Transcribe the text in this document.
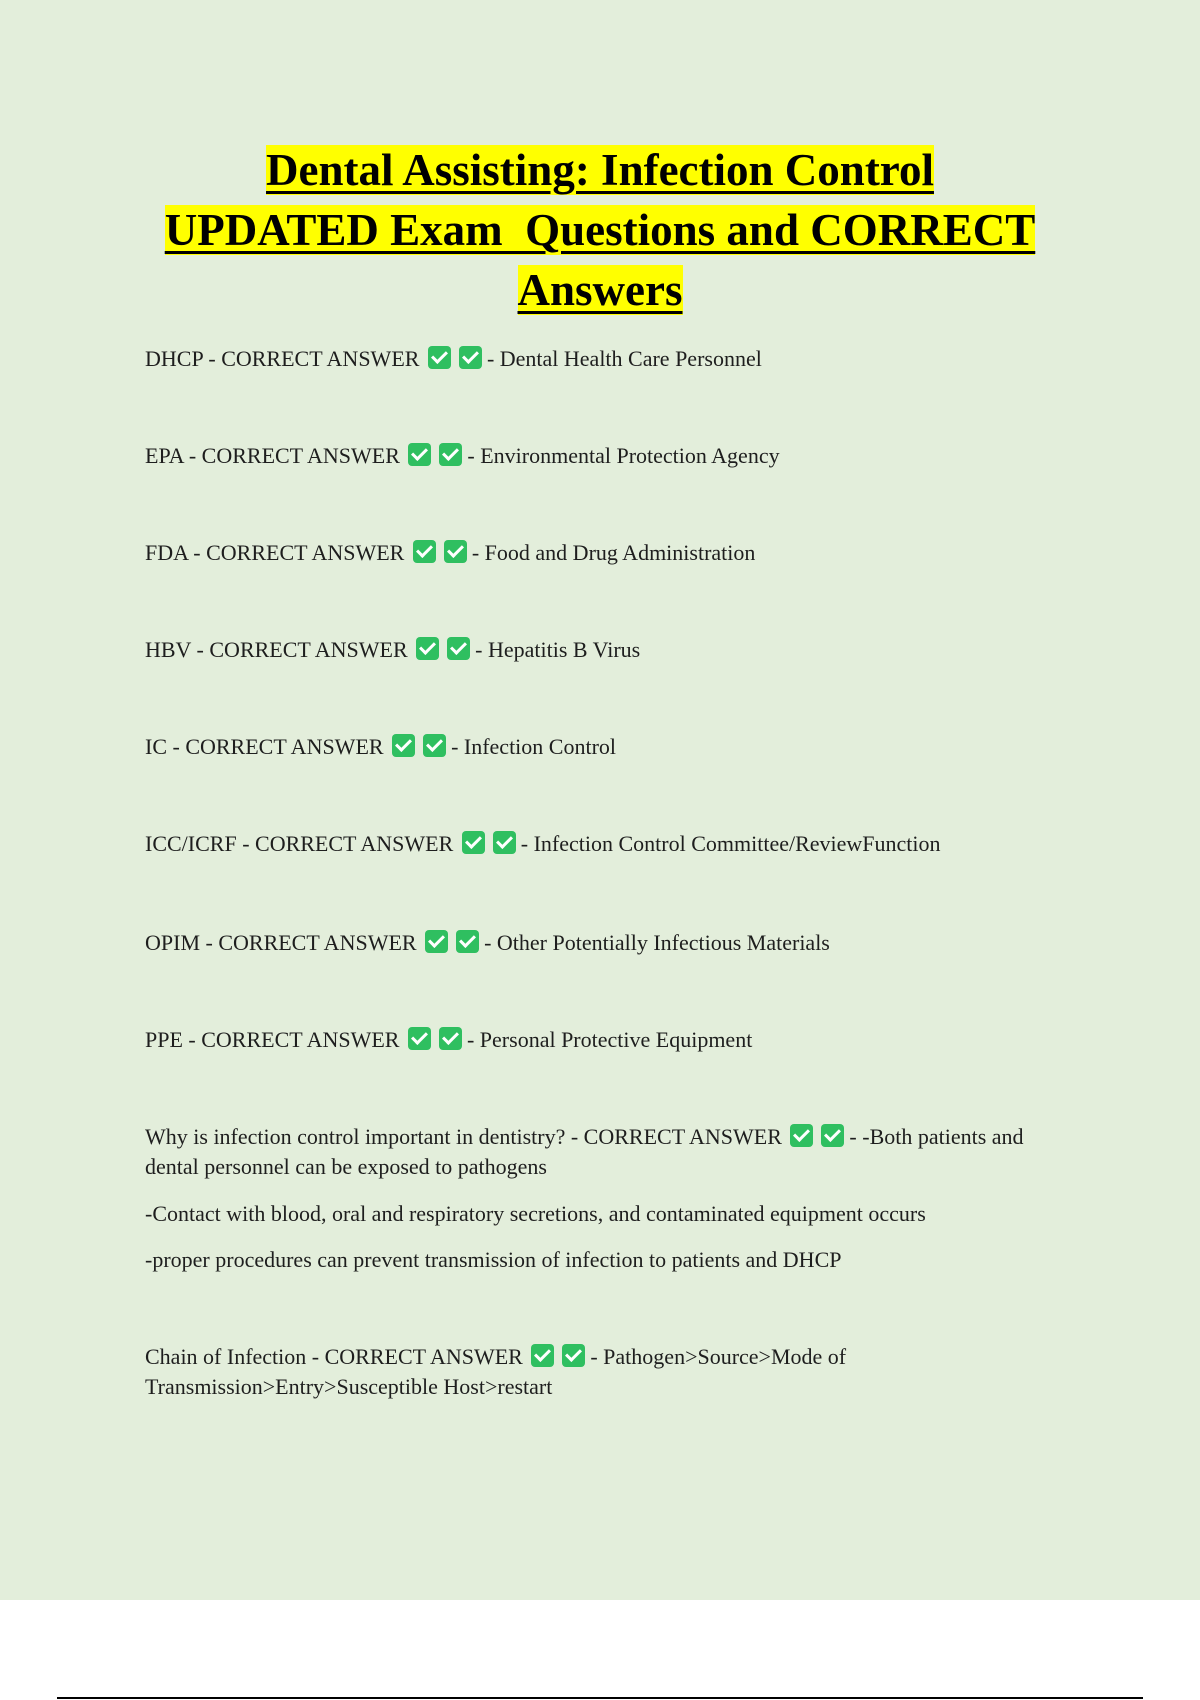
Dental Assisting: Infection Control
UPDATED Exam  Questions and CORRECT
Answers

DHCP - CORRECT ANSWER	- Dental Health Care Personnel

EPA - CORRECT ANSWER	- Environmental Protection Agency

FDA - CORRECT ANSWER	- Food and Drug Administration

HBV - CORRECT ANSWER	- Hepatitis B Virus

IC - CORRECT ANSWER	- Infection Control

ICC/ICRF - CORRECT ANSWER	- Infection Control Committee/ReviewFunction

OPIM - CORRECT ANSWER	- Other Potentially Infectious Materials

PPE - CORRECT ANSWER	- Personal Protective Equipment

Why is infection control important in dentistry? - CORRECT ANSWER	- -Both patients and dental personnel can be exposed to pathogens

-Contact with blood, oral and respiratory secretions, and contaminated equipment occurs

-proper procedures can prevent transmission of infection to patients and DHCP

Chain of Infection - CORRECT ANSWER	- Pathogen>Source>Mode of Transmission>Entry>Susceptible Host>restart
